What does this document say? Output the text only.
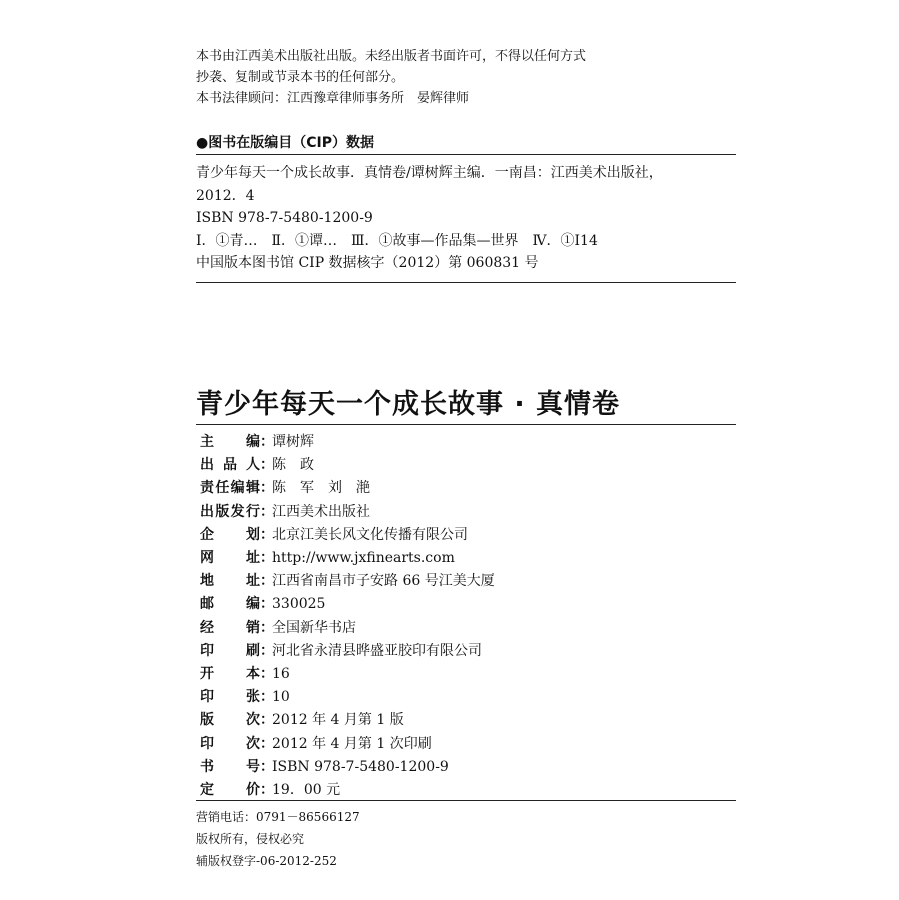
本书由江西美术出版社出版。未经出版者书面许可，不得以任何方式
抄袭、复制或节录本书的任何部分。
本书法律顾问：江西豫章律师事务所　晏辉律师
●图书在版编目（CIP）数据
青少年每天一个成长故事．真情卷/谭树辉主编．一南昌：江西美术出版社，
2012．4
ISBN 978-7-5480-1200-9
Ⅰ．①青…　Ⅱ．①谭…　Ⅲ．①故事—作品集—世界　Ⅳ．①I14
中国版本图书馆 CIP 数据核字（2012）第 060831 号
青少年每天一个成长故事 · 真情卷
主 编 ：
谭树辉
出 品 人 ：
陈　政
责 任 编 辑 ：
陈　军　刘　滟
出 版 发 行 ：
江西美术出版社
企 划 ：
北京江美长风文化传播有限公司
网 址 ：
http://www.jxfinearts.com
地 址 ：
江西省南昌市子安路 66 号江美大厦
邮 编 ：
330025
经 销 ：
全国新华书店
印 刷 ：
河北省永清县晔盛亚胶印有限公司
开 本 ：
16
印 张 ：
10
版 次 ：
2012 年 4 月第 1 版
印 次 ：
2012 年 4 月第 1 次印刷
书 号 ：
ISBN 978-7-5480-1200-9
定 价 ：
19．00 元
营销电话：0791－86566127
版权所有，侵权必究
辅版权登字-06-2012-252
